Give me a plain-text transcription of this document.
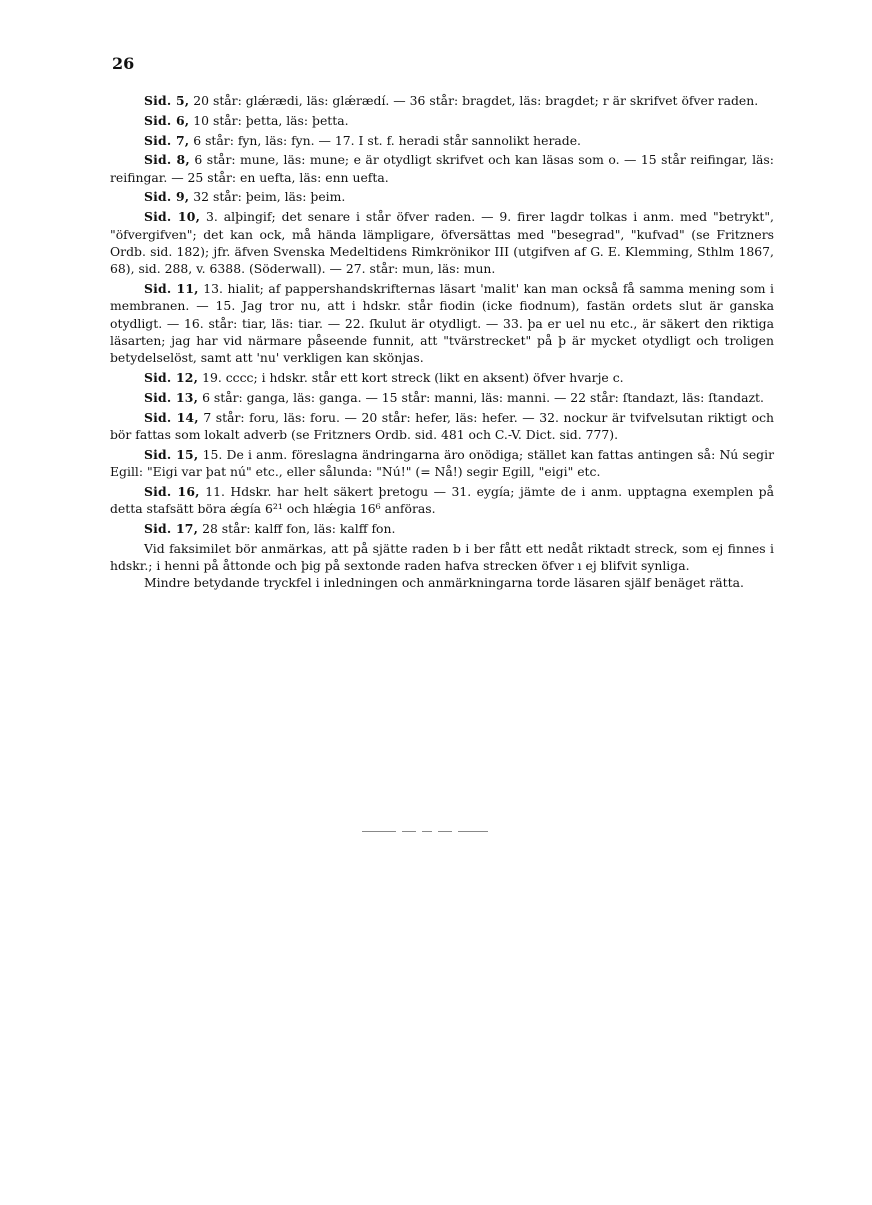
26

Sid. 5, 20 står: glǽrædi, läs: glǽrædí. — 36 står: bragdet, läs: bragdet; r är skrifvet öfver raden.

Sid. 6, 10 står: þetta, läs: þetta.

Sid. 7, 6 står: fyn, läs: fyn. — 17. I st. f. heradi står sannolikt herade.

Sid. 8, 6 står: mune, läs: mune; e är otydligt skrifvet och kan läsas som o. — 15 står reifingar, läs: reifingar. — 25 står: en uefta, läs: enn uefta.

Sid. 9, 32 står: þeim, läs: þeim.

Sid. 10, 3. alþingif; det senare i står öfver raden. — 9. firer lagdr tolkas i anm. med "betrykt", "öfvergifven"; det kan ock, må hända lämpligare, öfversättas med "besegrad", "kufvad" (se Fritzners Ordb. sid. 182); jfr. äfven Svenska Medeltidens Rimkrönikor III (utgifven af G. E. Klemming, Sthlm 1867, 68), sid. 288, v. 6388. (Söderwall). — 27. står: mun, läs: mun.

Sid. 11, 13. hialit; af pappershandskrifternas läsart 'malit' kan man också få samma mening som i membranen. — 15. Jag tror nu, att i hdskr. står fiodin (icke fiodnum), fastän ordets slut är ganska otydligt. — 16. står: tiar, läs: tiar. — 22. ſkulut är otydligt. — 33. þa er uel nu etc., är säkert den riktiga läsarten; jag har vid närmare påseende funnit, att "tvärstrecket" på þ är mycket otydligt och troligen betydelselöst, samt att 'nu' verkligen kan skönjas.

Sid. 12, 19. cccc; i hdskr. står ett kort streck (likt en aksent) öfver hvarje c.

Sid. 13, 6 står: ganga, läs: ganga. — 15 står: manni, läs: manni. — 22 står: ſtandazt, läs: ſtandazt.

Sid. 14, 7 står: foru, läs: foru. — 20 står: hefer, läs: hefer. — 32. nockur är tvifvelsutan riktigt och bör fattas som lokalt adverb (se Fritzners Ordb. sid. 481 och C.-V. Dict. sid. 777).

Sid. 15, 15. De i anm. föreslagna ändringarna äro onödiga; stället kan fattas antingen så: Nú segir Egill: "Eigi var þat nú" etc., eller sålunda: "Nú!" (= Nå!) segir Egill, "eigi" etc.

Sid. 16, 11. Hdskr. har helt säkert þretogu — 31. eygía; jämte de i anm. upptagna exemplen på detta stafsätt böra ǽgía 6²¹ och hlǽgia 16⁶ anföras.

Sid. 17, 28 står: kalff fon, läs: kalff fon.

Vid faksimilet bör anmärkas, att på sjätte raden b i ber fått ett nedåt riktadt streck, som ej finnes i hdskr.; i henni på åttonde och þig på sextonde raden hafva strecken öfver ı ej blifvit synliga.

Mindre betydande tryckfel i inledningen och anmärkningarna torde läsaren själf benäget rätta.
